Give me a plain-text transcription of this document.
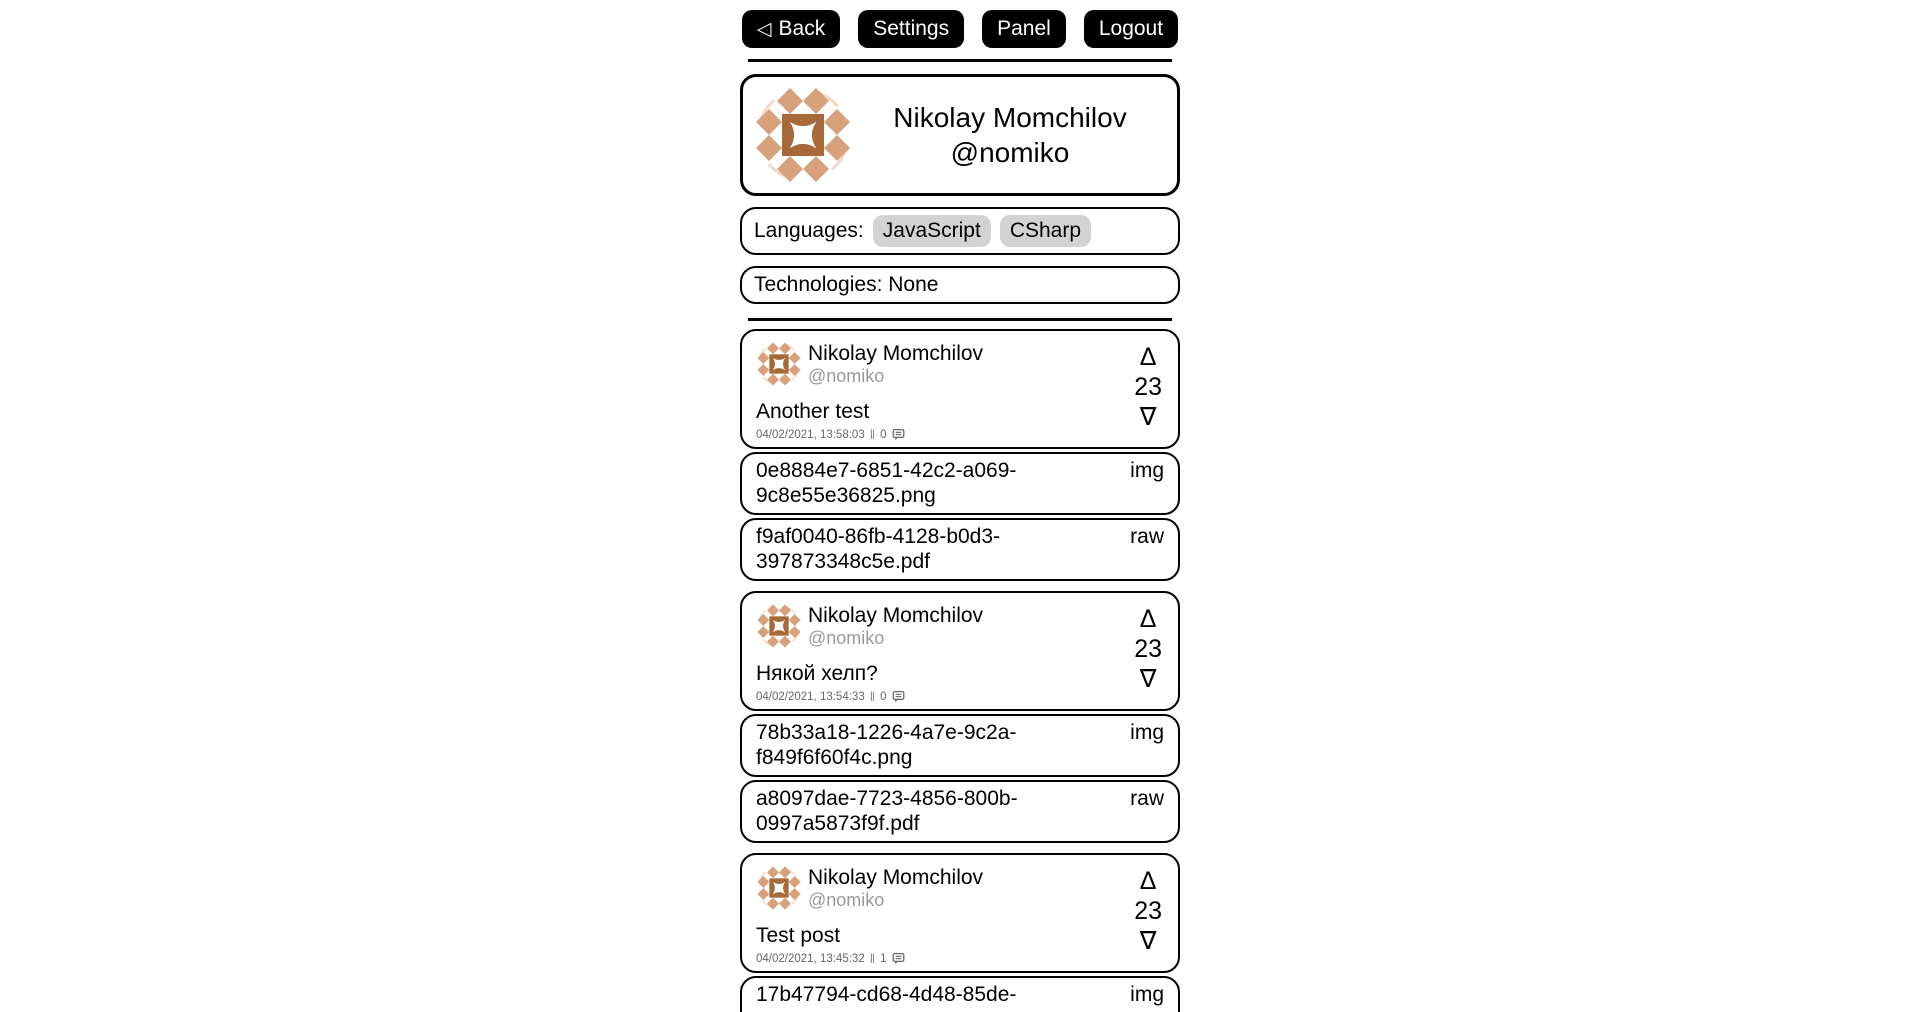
◁ Back Settings Panel Logout
Nikolay Momchilov
@nomiko
Languages: JavaScript	CSharp
Technologies: None
Nikolay Momchilov
@nomiko
Another test
04/02/2021, 13:58:03 ‖ 0
Δ
23
∇
0e8884e7-6851-42c2-a069-9c8e55e36825.png
img
f9af0040-86fb-4128-b0d3-397873348c5e.pdf
raw
Nikolay Momchilov
@nomiko
Някой хелп?
04/02/2021, 13:54:33 ‖ 0
Δ
23
∇
78b33a18-1226-4a7e-9c2a-f849f6f60f4c.png
img
a8097dae-7723-4856-800b-0997a5873f9f.pdf
raw
Nikolay Momchilov
@nomiko
Test post
04/02/2021, 13:45:32 ‖ 1
Δ
23
∇
17b47794-cd68-4d48-85de-	img
